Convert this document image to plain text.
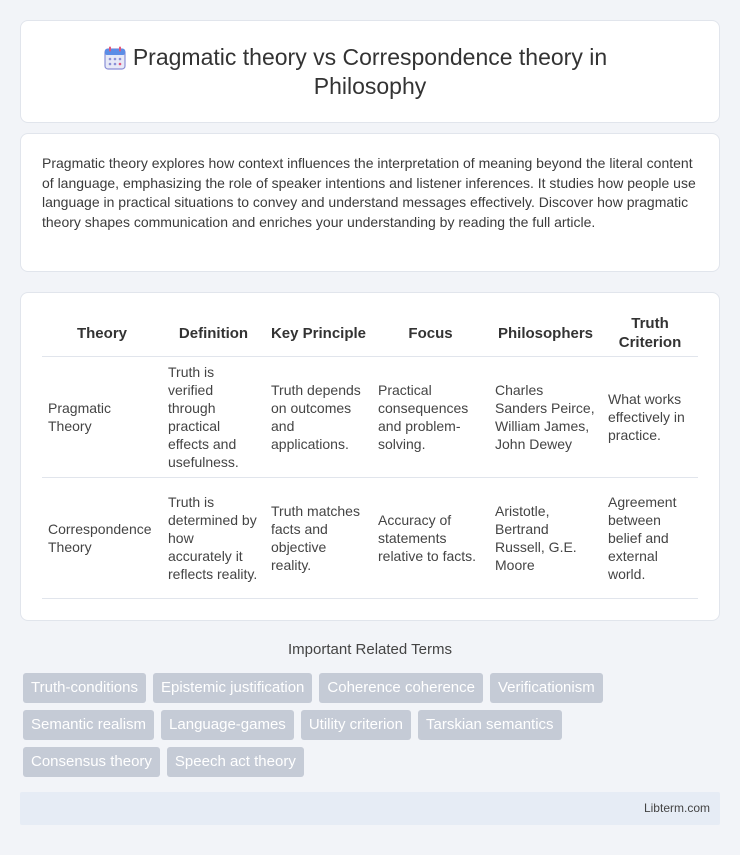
Pragmatic theory vs Correspondence theory in Philosophy

Pragmatic theory explores how context influences the interpretation of meaning beyond the literal content of language, emphasizing the role of speaker intentions and listener inferences. It studies how people use language in practical situations to convey and understand messages effectively. Discover how pragmatic theory shapes communication and enriches your understanding by reading the full article.

Theory	Definition	Key Principle	Focus	Philosophers	Truth Criterion
Pragmatic Theory	Truth is verified through practical effects and usefulness.	Truth depends on outcomes and applications.	Practical consequences and problem-solving.	Charles Sanders Peirce, William James, John Dewey	What works effectively in practice.
Correspondence Theory	Truth is determined by how accurately it reflects reality.	Truth matches facts and objective reality.	Accuracy of statements relative to facts.	Aristotle, Bertrand Russell, G.E. Moore	Agreement between belief and external world.
Important Related Terms
Truth-conditions	Epistemic justification	Coherence coherence	Verificationism
Semantic realism	Language-games	Utility criterion	Tarskian semantics
Consensus theory	Speech act theory
Libterm.com
